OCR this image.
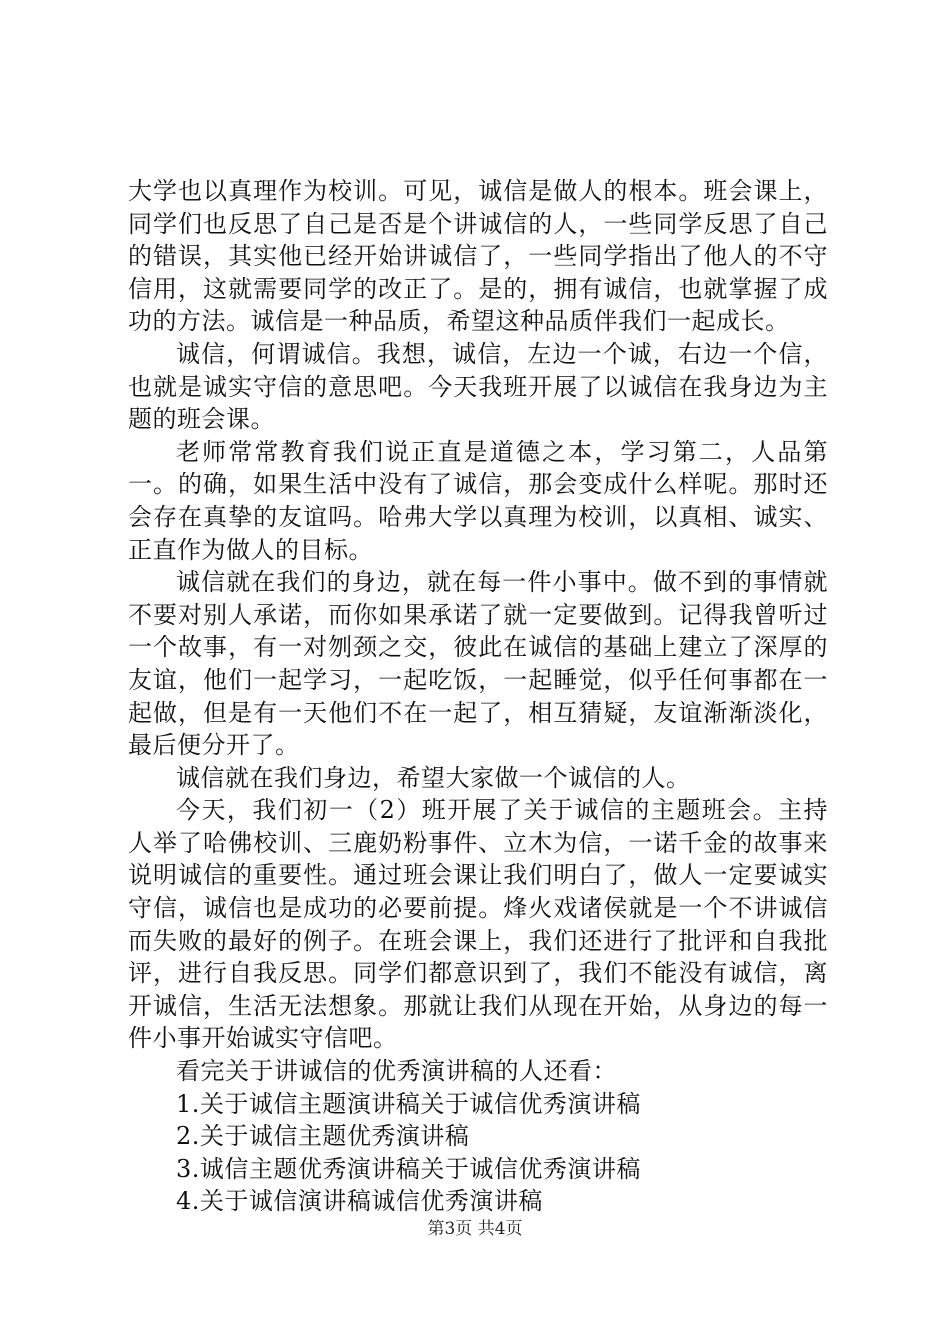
大学也以真理作为校训。可见，诚信是做人的根本。班会课上，同学们也反思了自己是否是个讲诚信的人，一些同学反思了自己的错误，其实他已经开始讲诚信了，一些同学指出了他人的不守信用，这就需要同学的改正了。是的，拥有诚信，也就掌握了成功的方法。诚信是一种品质，希望这种品质伴我们一起成长。

诚信，何谓诚信。我想，诚信，左边一个诚，右边一个信，也就是诚实守信的意思吧。今天我班开展了以诚信在我身边为主题的班会课。

老师常常教育我们说正直是道德之本，学习第二，人品第一。的确，如果生活中没有了诚信，那会变成什么样呢。那时还会存在真挚的友谊吗。哈弗大学以真理为校训，以真相、诚实、正直作为做人的目标。

诚信就在我们的身边，就在每一件小事中。做不到的事情就不要对别人承诺，而你如果承诺了就一定要做到。记得我曾听过一个故事，有一对刎颈之交，彼此在诚信的基础上建立了深厚的友谊，他们一起学习，一起吃饭，一起睡觉，似乎任何事都在一起做，但是有一天他们不在一起了，相互猜疑，友谊渐渐淡化，最后便分开了。

诚信就在我们身边，希望大家做一个诚信的人。

今天，我们初一（2）班开展了关于诚信的主题班会。主持人举了哈佛校训、三鹿奶粉事件、立木为信，一诺千金的故事来说明诚信的重要性。通过班会课让我们明白了，做人一定要诚实守信，诚信也是成功的必要前提。烽火戏诸侯就是一个不讲诚信而失败的最好的例子。在班会课上，我们还进行了批评和自我批评，进行自我反思。同学们都意识到了，我们不能没有诚信，离开诚信，生活无法想象。那就让我们从现在开始，从身边的每一件小事开始诚实守信吧。

看完关于讲诚信的优秀演讲稿的人还看：

1.关于诚信主题演讲稿关于诚信优秀演讲稿

2.关于诚信主题优秀演讲稿

3.诚信主题优秀演讲稿关于诚信优秀演讲稿

4.关于诚信演讲稿诚信优秀演讲稿

第3页 共4页
